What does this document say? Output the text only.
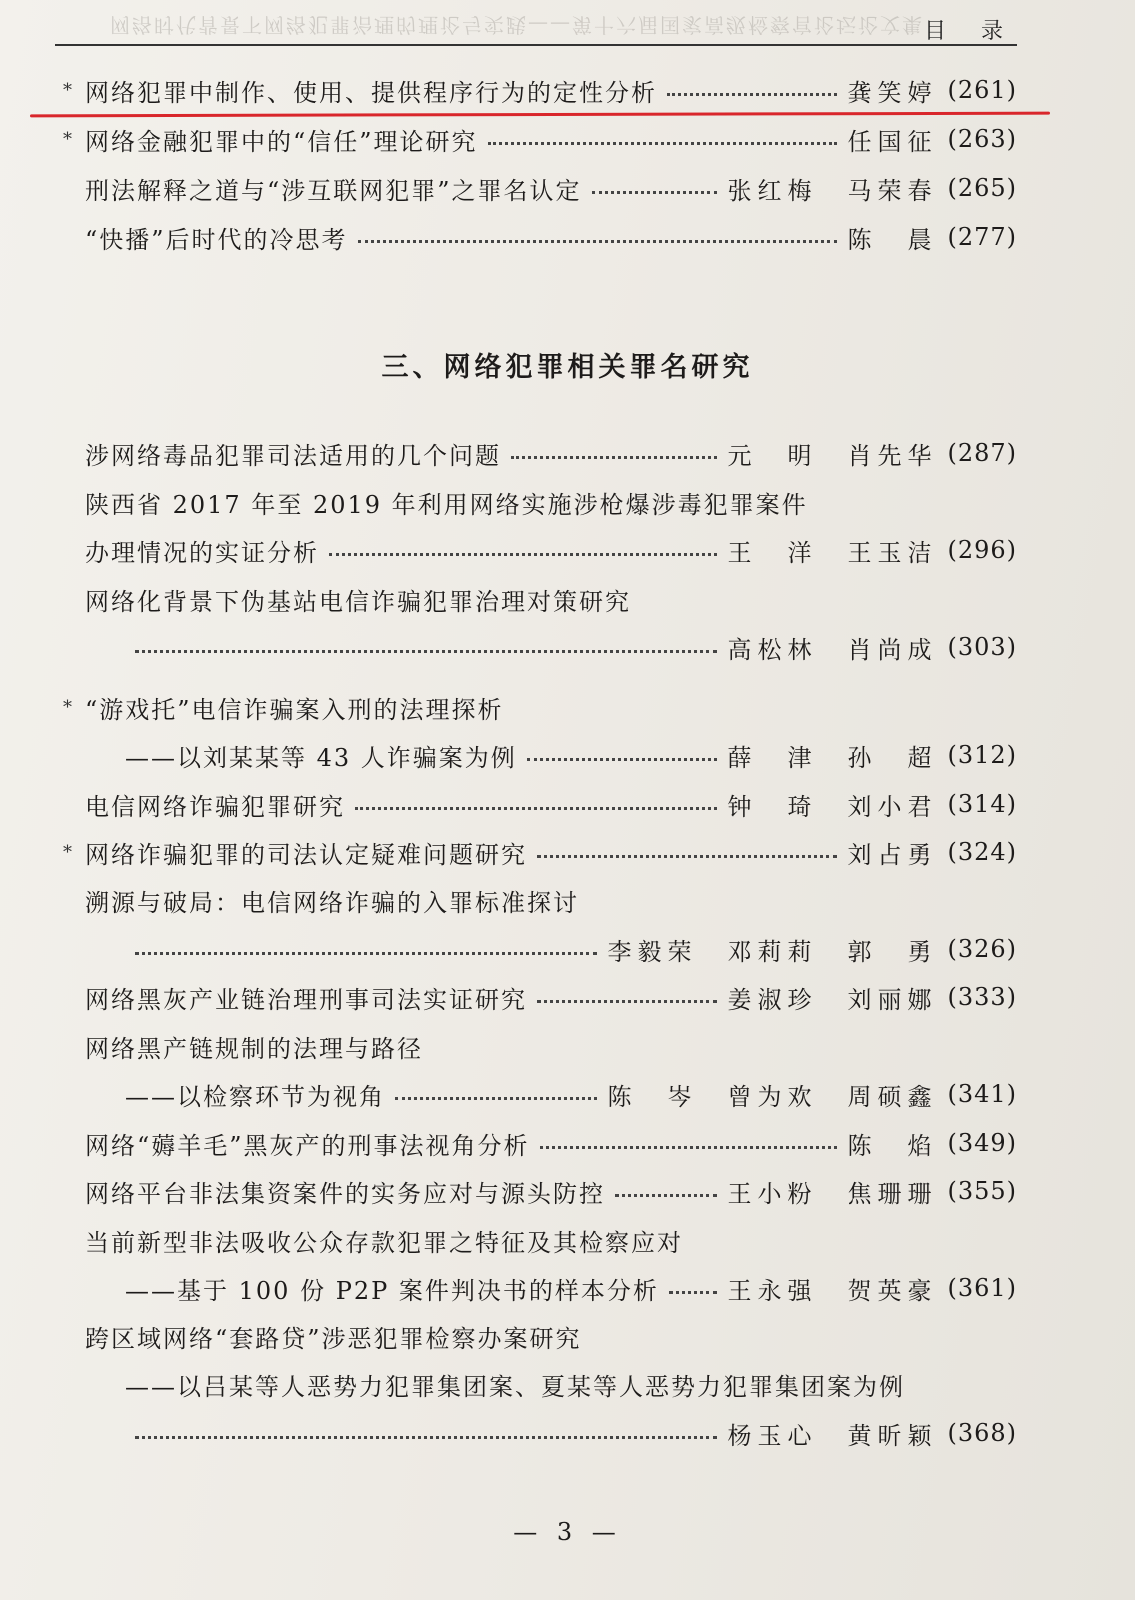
网络时代背景下网络犯罪治理的理论与实践——第十六届国家高级检察官论坛论文集 目 录
* 网络犯罪中制作、使用、提供程序行为的定性分析	龚笑婷 (261)
* 网络金融犯罪中的“信任”理论研究	任国征 (263)
刑法解释之道与“涉互联网犯罪”之罪名认定	张红梅　马荣春 (265)
“快播”后时代的冷思考	陈　晨 (277)
三、网络犯罪相关罪名研究
涉网络毒品犯罪司法适用的几个问题	元　明　肖先华 (287)
陕西省 2017 年至 2019 年利用网络实施涉枪爆涉毒犯罪案件
办理情况的实证分析	王　洋　王玉洁 (296)
网络化背景下伪基站电信诈骗犯罪治理对策研究
高松林　肖尚成 (303)
* “游戏托”电信诈骗案入刑的法理探析
——以刘某某等 43 人诈骗案为例	薛　津　孙　超 (312)
电信网络诈骗犯罪研究	钟　琦　刘小君 (314)
* 网络诈骗犯罪的司法认定疑难问题研究	刘占勇 (324)
溯源与破局：电信网络诈骗的入罪标准探讨
李毅荣　邓莉莉　郭　勇 (326)
网络黑灰产业链治理刑事司法实证研究	姜淑珍　刘丽娜 (333)
网络黑产链规制的法理与路径
——以检察环节为视角	陈　岑　曾为欢　周硕鑫 (341)
网络“薅羊毛”黑灰产的刑事法视角分析	陈　焰 (349)
网络平台非法集资案件的实务应对与源头防控	王小粉　焦珊珊 (355)
当前新型非法吸收公众存款犯罪之特征及其检察应对
——基于 100 份 P2P 案件判决书的样本分析	王永强　贺英豪 (361)
跨区域网络“套路贷”涉恶犯罪检察办案研究
——以吕某等人恶势力犯罪集团案、夏某等人恶势力犯罪集团案为例
杨玉心　黄昕颖 (368)
— 3 —
